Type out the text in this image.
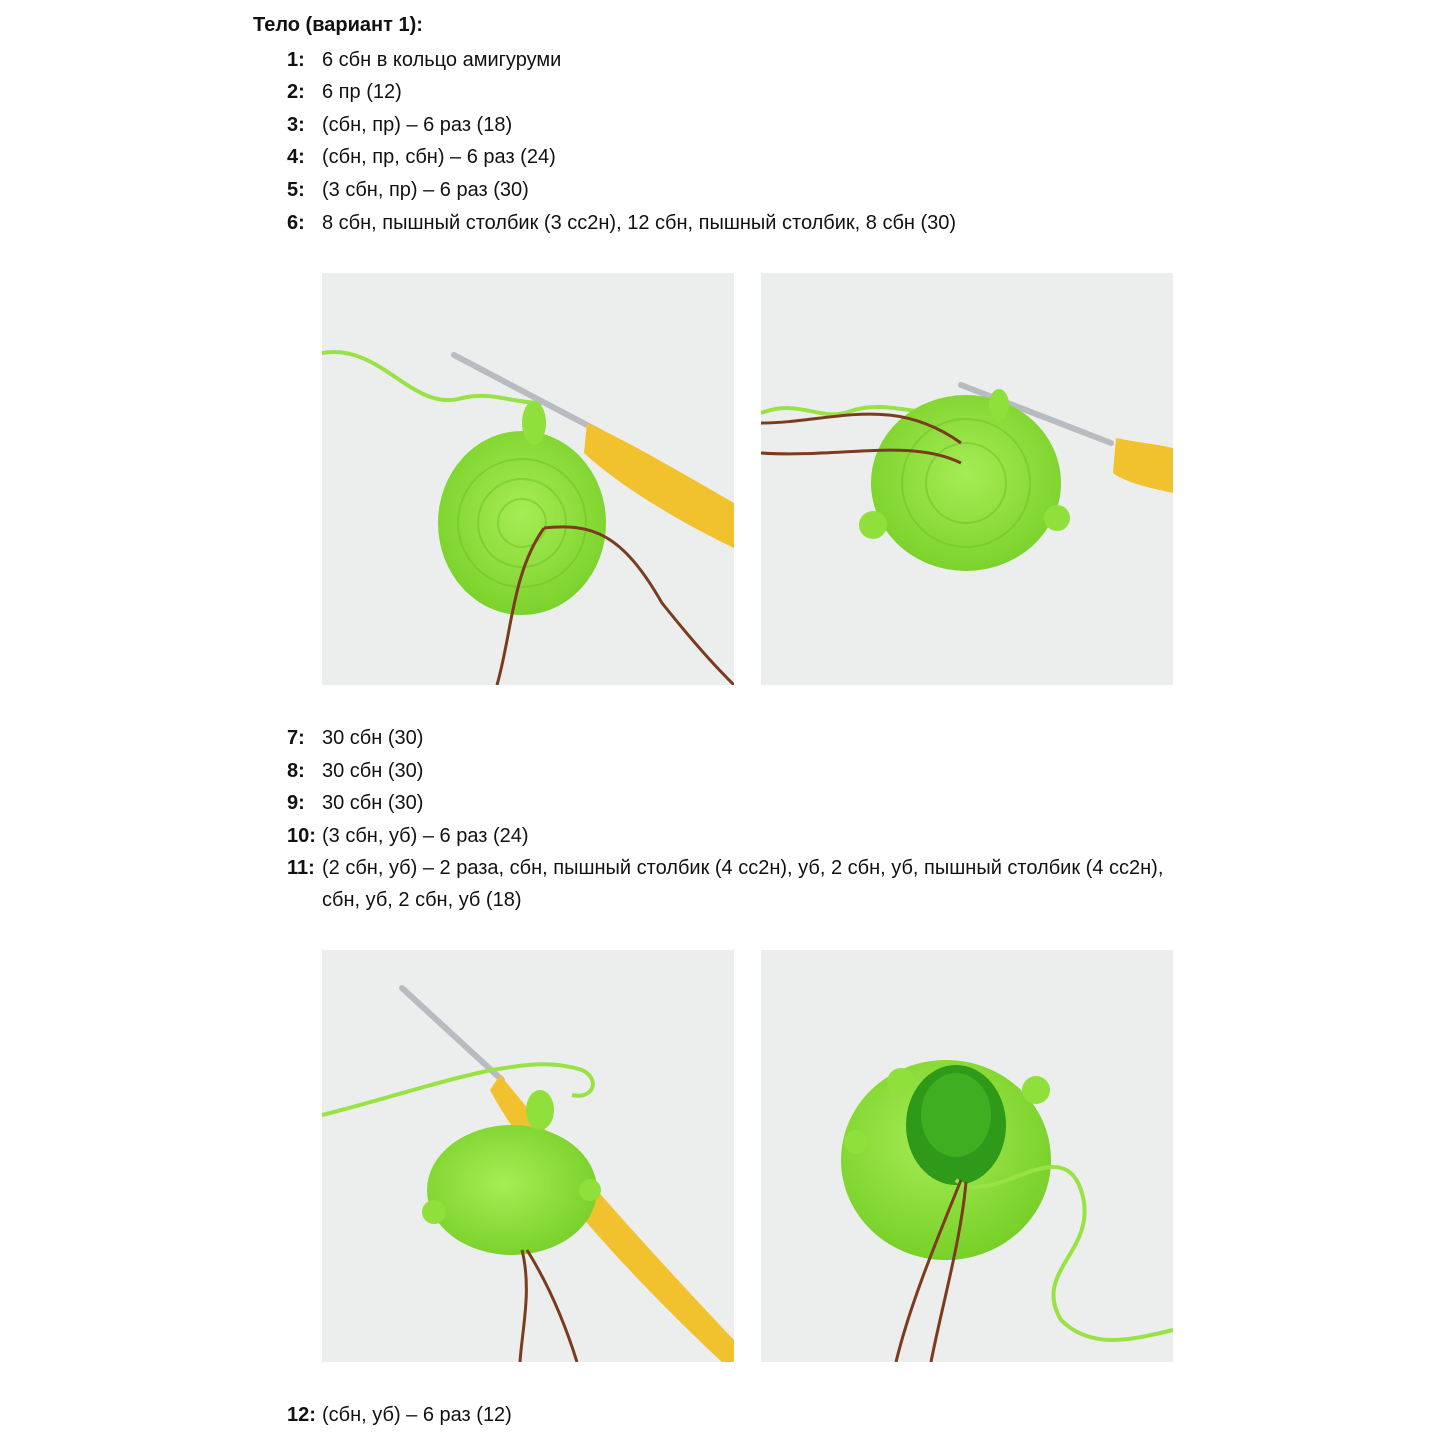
Тело (вариант 1):
1: 6 сбн в кольцо амигуруми
2: 6 пр (12)
3: (сбн, пр) – 6 раз (18)
4: (сбн, пр, сбн) – 6 раз (24)
5: (3 сбн, пр) – 6 раз (30)
6: 8 сбн, пышный столбик (3 сс2н), 12 сбн, пышный столбик, 8 сбн (30)
7: 30 сбн (30)
8: 30 сбн (30)
9: 30 сбн (30)
10: (3 сбн, уб) – 6 раз (24)
11: (2 сбн, уб) – 2 раза, сбн, пышный столбик (4 сс2н), уб, 2 сбн, уб, пышный столбик (4 сс2н), сбн, уб, 2 сбн, уб (18)
12: (сбн, уб) – 6 раз (12)
